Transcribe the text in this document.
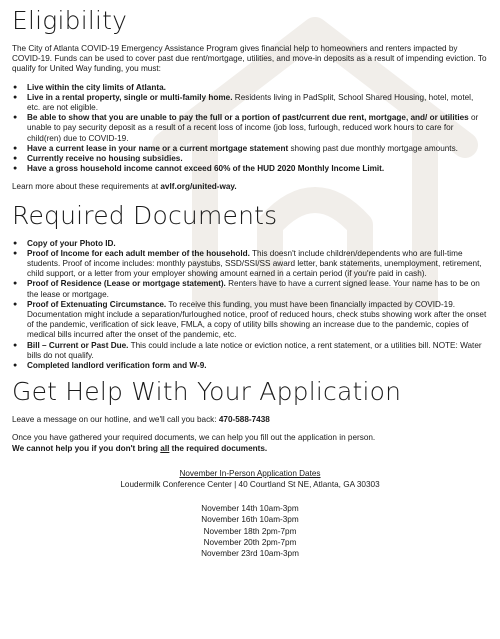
Eligibility

The City of Atlanta COVID-19 Emergency Assistance Program gives financial help to homeowners and renters impacted by COVID-19. Funds can be used to cover past due rent/mortgage, utilities, and move-in deposits as a result of impending eviction. To qualify for United Way funding, you must:

● Live within the city limits of Atlanta.
● Live in a rental property, single or multi-family home. Residents living in PadSplit, School Shared Housing, hotel, motel, etc. are not eligible.
● Be able to show that you are unable to pay the full or a portion of past/current due rent, mortgage, and/ or utilities or unable to pay security deposit as a result of a recent loss of income (job loss, furlough, reduced work hours to care for child(ren) due to COVID-19.
● Have a current lease in your name or a current mortgage statement showing past due monthly mortgage amounts.
● Currently receive no housing subsidies.
● Have a gross household income cannot exceed 60% of the HUD 2020 Monthly Income Limit.

Learn more about these requirements at avlf.org/united-way.

Required Documents
● Copy of your Photo ID.
● Proof of Income for each adult member of the household. This doesn't include children/dependents who are full-time students. Proof of income includes: monthly paystubs, SSD/SSI/SS award letter, bank statements, unemployment, retirement, child support, or a letter from your employer showing amount earned in a certain period (if you're paid in cash).
● Proof of Residence (Lease or mortgage statement). Renters have to have a current signed lease. Your name has to be on the lease or mortgage.
● Proof of Extenuating Circumstance. To receive this funding, you must have been financially impacted by COVID-19. Documentation might include a separation/furloughed notice, proof of reduced hours, check stubs showing work after the onset of the pandemic, verification of sick leave, FMLA, a copy of utility bills showing an increase due to the pandemic, copies of medical bills incurred after the onset of the pandemic, etc.
● Bill – Current or Past Due. This could include a late notice or eviction notice, a rent statement, or a utilities bill. NOTE: Water bills do not qualify.
● Completed landlord verification form and W-9.
Get Help With Your Application

Leave a message on our hotline, and we'll call you back: 470-588-7438

Once you have gathered your required documents, we can help you fill out the application in person.
We cannot help you if you don't bring all the required documents.

November In-Person Application Dates

Loudermilk Conference Center | 40 Courtland St NE, Atlanta, GA 30303

November 14th 10am-3pm

November 16th 10am-3pm

November 18th 2pm-7pm

November 20th 2pm-7pm

November 23rd 10am-3pm
